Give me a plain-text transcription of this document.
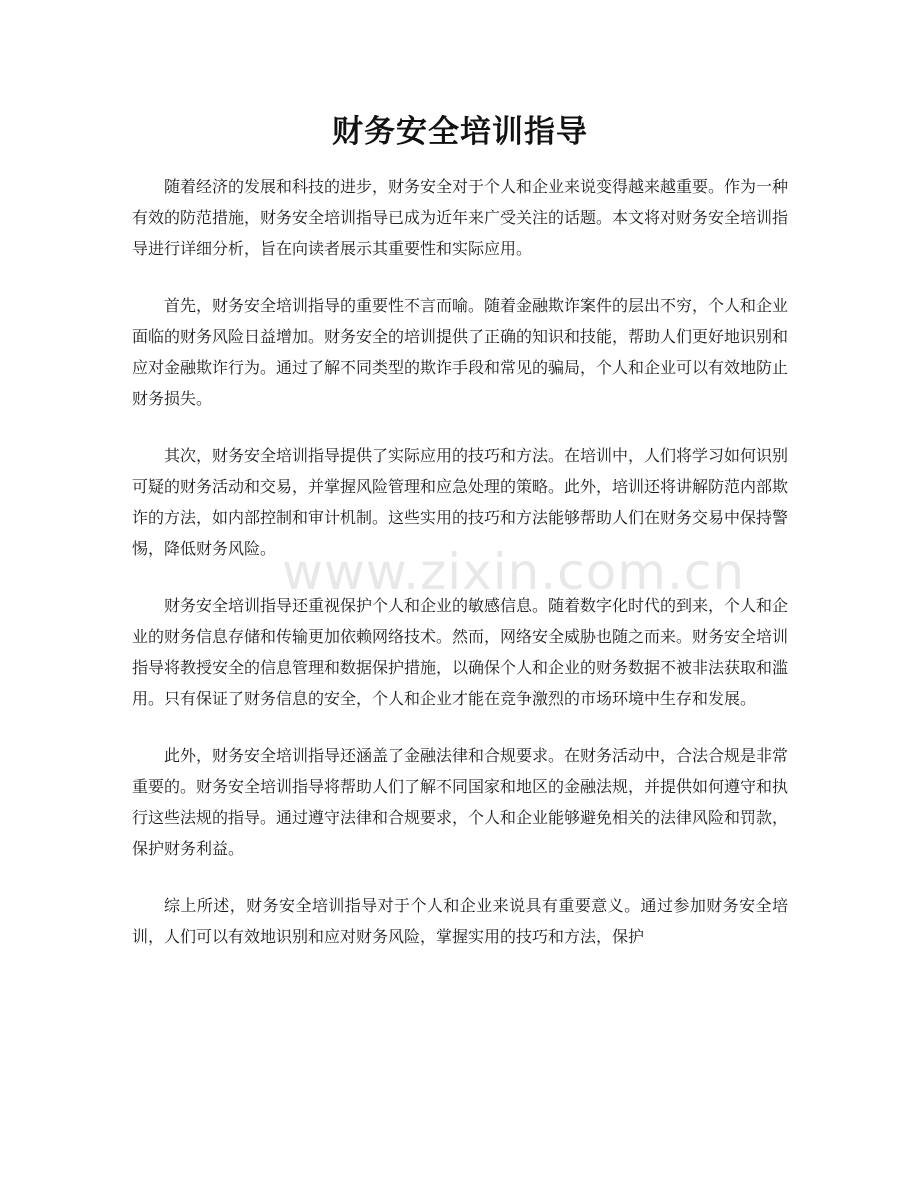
财务安全培训指导

随着经济的发展和科技的进步，财务安全对于个人和企业来说变得越来越重要。作为一种有效的防范措施，财务安全培训指导已成为近年来广受关注的话题。本文将对财务安全培训指导进行详细分析，旨在向读者展示其重要性和实际应用。

首先，财务安全培训指导的重要性不言而喻。随着金融欺诈案件的层出不穷，个人和企业面临的财务风险日益增加。财务安全的培训提供了正确的知识和技能，帮助人们更好地识别和应对金融欺诈行为。通过了解不同类型的欺诈手段和常见的骗局，个人和企业可以有效地防止财务损失。

其次，财务安全培训指导提供了实际应用的技巧和方法。在培训中，人们将学习如何识别可疑的财务活动和交易，并掌握风险管理和应急处理的策略。此外，培训还将讲解防范内部欺诈的方法，如内部控制和审计机制。这些实用的技巧和方法能够帮助人们在财务交易中保持警惕，降低财务风险。

财务安全培训指导还重视保护个人和企业的敏感信息。随着数字化时代的到来，个人和企业的财务信息存储和传输更加依赖网络技术。然而，网络安全威胁也随之而来。财务安全培训指导将教授安全的信息管理和数据保护措施，以确保个人和企业的财务数据不被非法获取和滥用。只有保证了财务信息的安全，个人和企业才能在竞争激烈的市场环境中生存和发展。

此外，财务安全培训指导还涵盖了金融法律和合规要求。在财务活动中，合法合规是非常重要的。财务安全培训指导将帮助人们了解不同国家和地区的金融法规，并提供如何遵守和执行这些法规的指导。通过遵守法律和合规要求，个人和企业能够避免相关的法律风险和罚款，保护财务利益。

综上所述，财务安全培训指导对于个人和企业来说具有重要意义。通过参加财务安全培训，人们可以有效地识别和应对财务风险，掌握实用的技巧和方法，保护

www.zixin.com.cn
